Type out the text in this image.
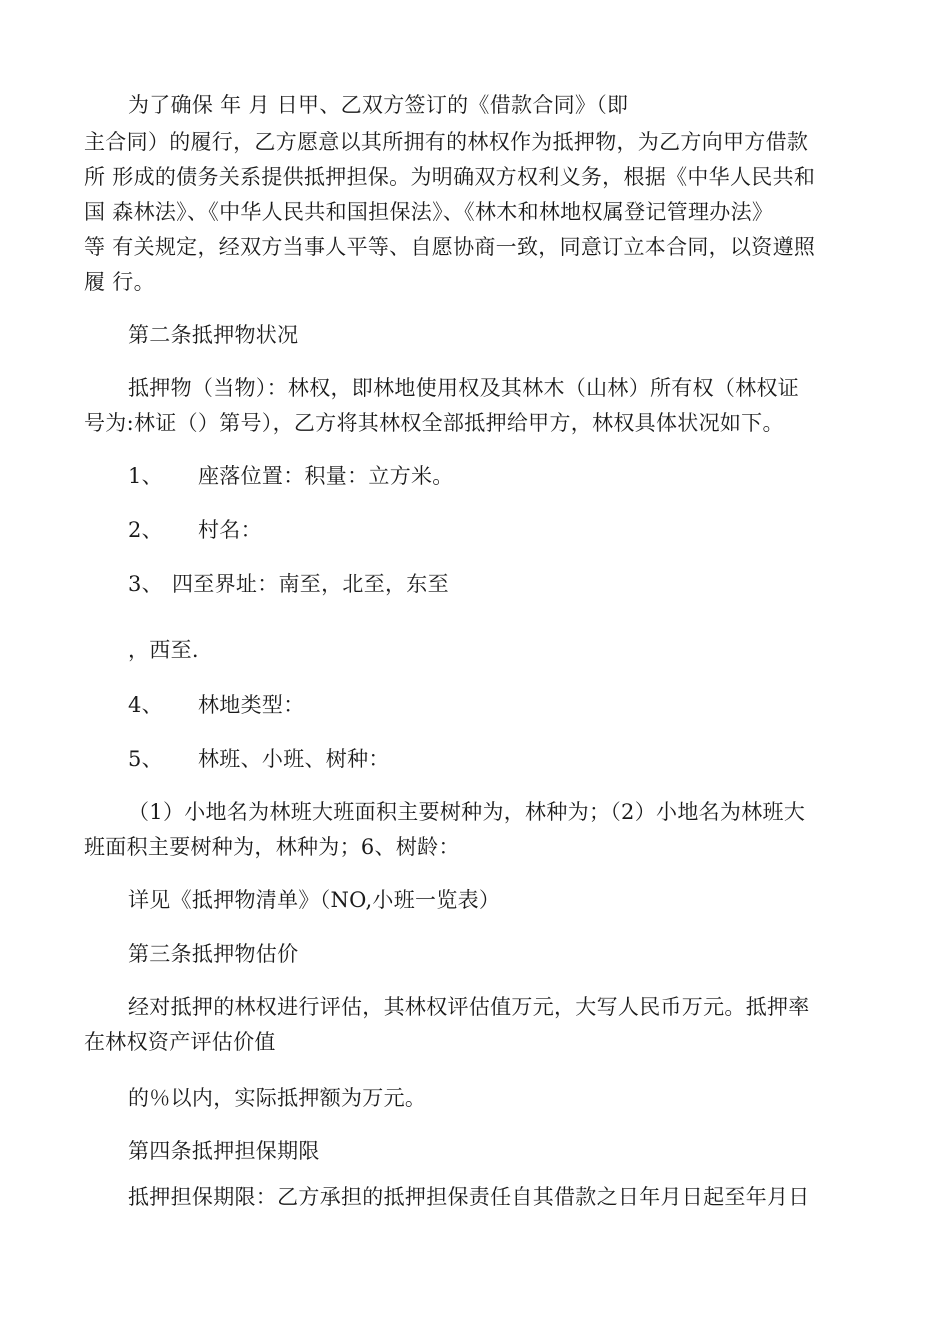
为了确保 年 月 日甲、乙双方签订的《借款合同》（即
主合同）的履行，乙方愿意以其所拥有的林权作为抵押物，为乙方向甲方借款
所 形成的债务关系提供抵押担保。为明确双方权利义务，根据《中华人民共和
国 森林法》、《中华人民共和国担保法》、《林木和林地权属登记管理办法》
等 有关规定，经双方当事人平等、自愿协商一致，同意订立本合同，以资遵照
履 行。
第二条抵押物状况
抵押物（当物）：林权，即林地使用权及其林木（山林）所有权（林权证
号为:林证（）第号），乙方将其林权全部抵押给甲方，林权具体状况如下。
1、 座落位置：积量：立方米。
2、 村名：
3、 四至界址：南至，北至，东至
，西至.
4、 林地类型：
5、 林班、小班、树种：
（1）小地名为林班大班面积主要树种为，林种为；（2）小地名为林班大
班面积主要树种为，林种为；6、树龄：
详见《抵押物清单》（NO,小班一览表）
第三条抵押物估价
经对抵押的林权进行评估，其林权评估值万元，大写人民币万元。抵押率
在林权资产评估价值
的％以内，实际抵押额为万元。
第四条抵押担保期限
抵押担保期限：乙方承担的抵押担保责任自其借款之日年月日起至年月日
